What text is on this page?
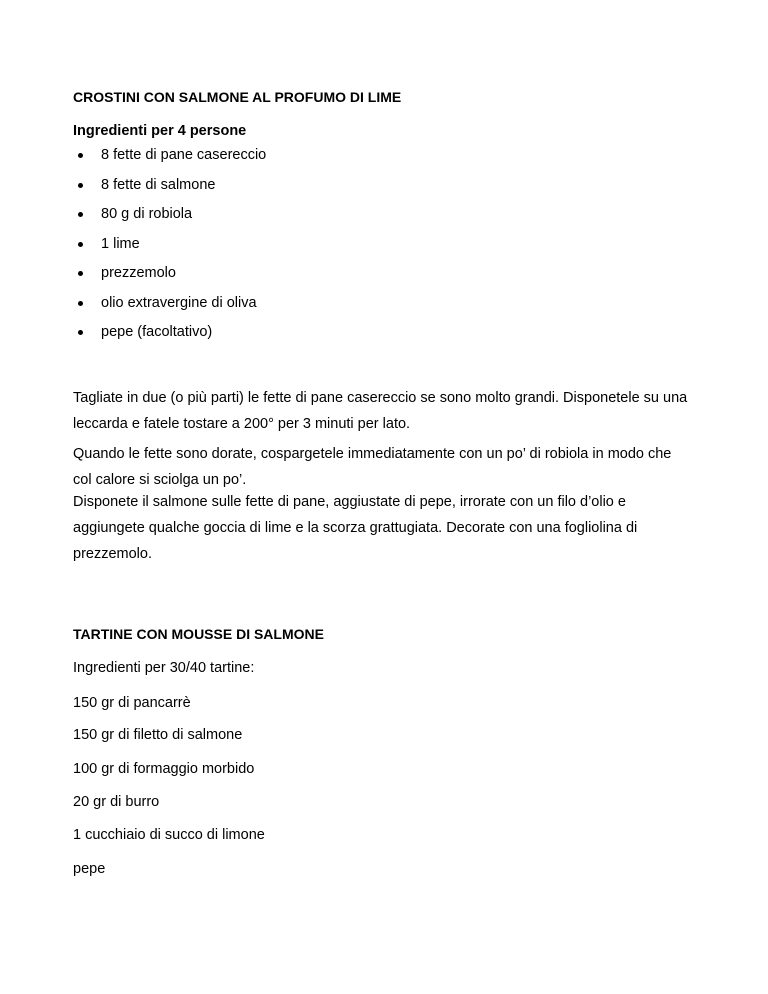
CROSTINI CON SALMONE AL PROFUMO DI LIME
Ingredienti per 4 persone
8 fette di pane casereccio
8 fette di salmone
80 g di robiola
1 lime
prezzemolo
olio extravergine di oliva
pepe (facoltativo)

Tagliate in due (o più parti) le fette di pane casereccio se sono molto grandi. Disponetele su una leccarda e fatele tostare a 200° per 3 minuti per lato.

Quando le fette sono dorate, cospargetele immediatamente con un po’ di robiola in modo che col calore si sciolga un po’.

Disponete il salmone sulle fette di pane, aggiustate di pepe, irrorate con un filo d’olio e aggiungete qualche goccia di lime e la scorza grattugiata. Decorate con una fogliolina di prezzemolo.

TARTINE CON MOUSSE DI SALMONE
Ingredienti per 30/40 tartine:
150 gr di pancarrè
150 gr di filetto di salmone
100 gr di formaggio morbido
20 gr di burro
1 cucchiaio di succo di limone
pepe
